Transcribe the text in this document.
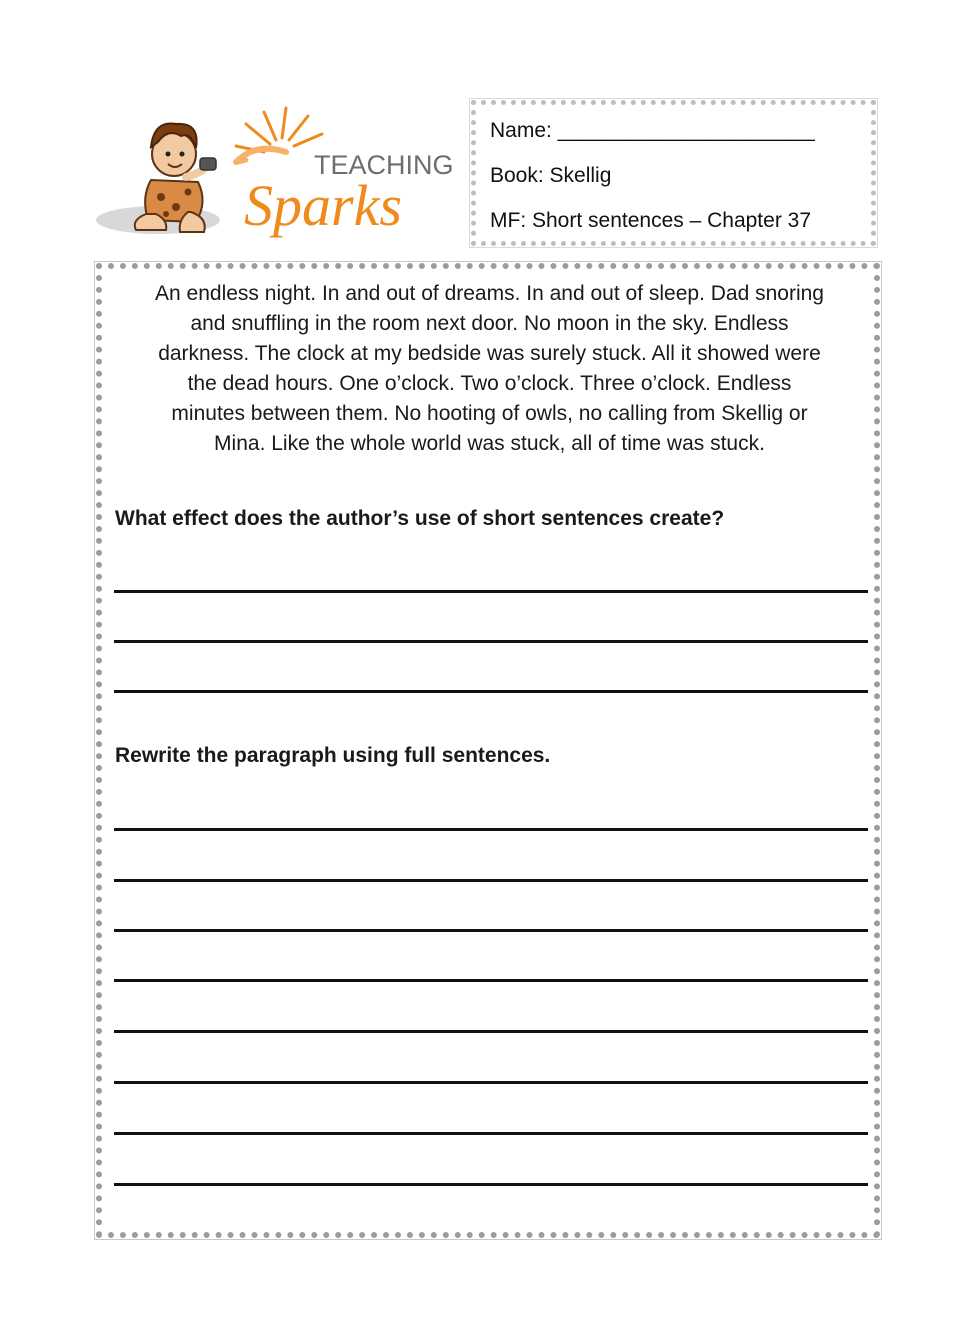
TEACHING
Sparks
Name: ______________________
Book: Skellig
MF: Short sentences – Chapter 37
An endless night. In and out of dreams. In and out of sleep. Dad snoring
and snuffling in the room next door. No moon in the sky. Endless
darkness. The clock at my bedside was surely stuck. All it showed were
the dead hours. One o’clock. Two o’clock. Three o’clock. Endless
minutes between them. No hooting of owls, no calling from Skellig or
Mina. Like the whole world was stuck, all of time was stuck.
What effect does the author’s use of short sentences create?
Rewrite the paragraph using full sentences.
